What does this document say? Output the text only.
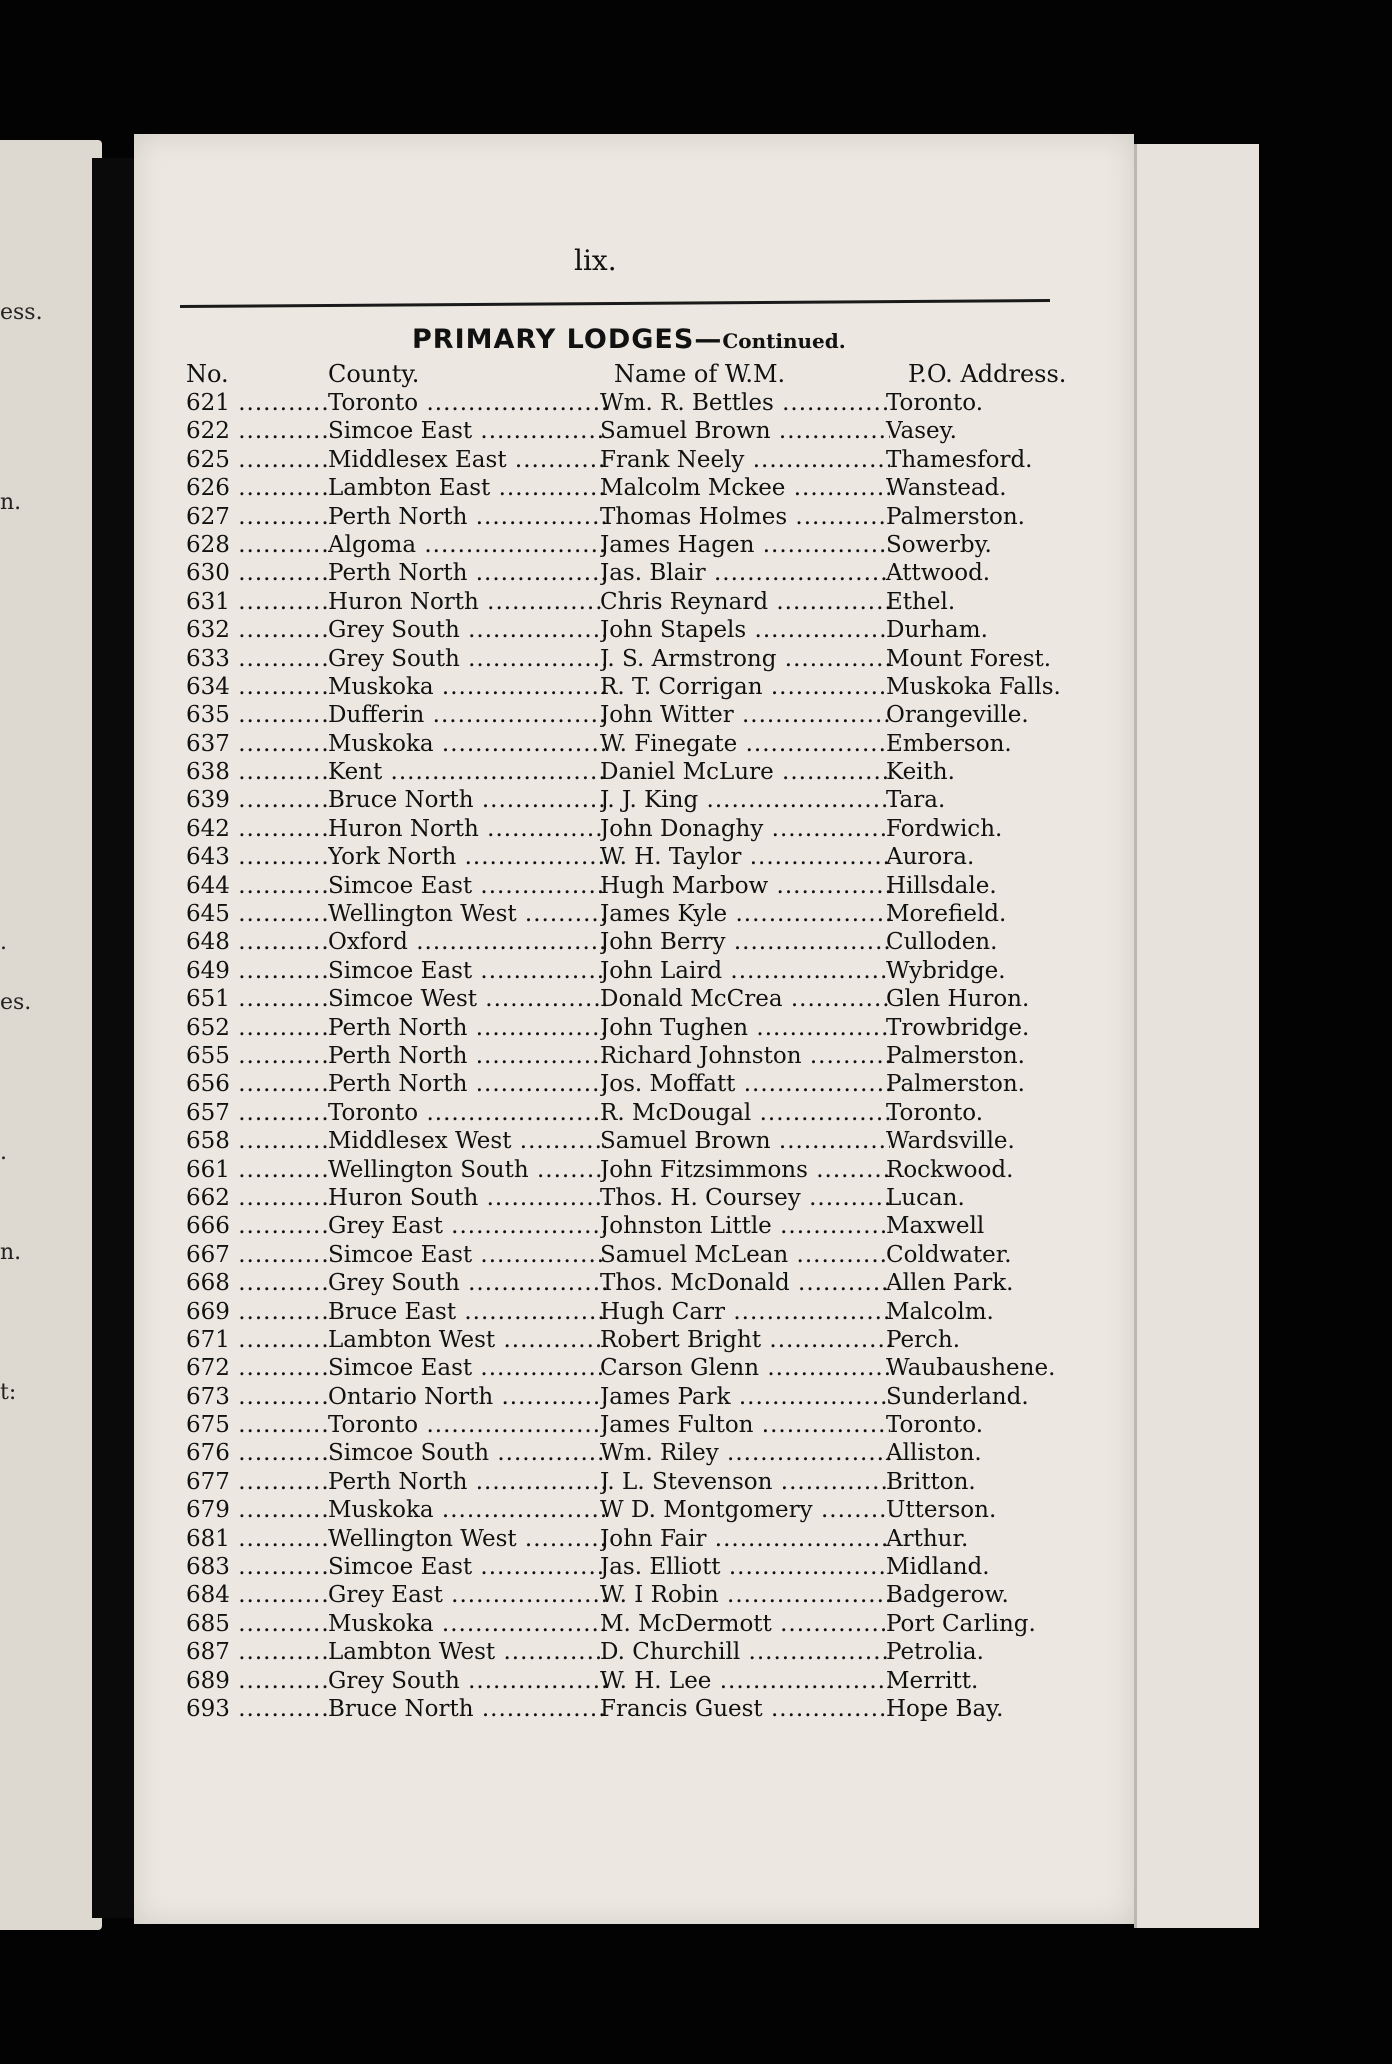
ess.
n.
.
es.
.
n.
t:
lix.
PRIMARY LODGES—Continued.
No.	County.	Name of W.M.	P.O. Address.
621 .....	Toronto .....	Wm. R. Bettles .....	Toronto.
622 .....	Simcoe East .....	Samuel Brown .....	Vasey.
625 .....	Middlesex East .....	Frank Neely .....	Thamesford.
626 .....	Lambton East .....	Malcolm Mckee .....	Wanstead.
627 .....	Perth North .....	Thomas Holmes .....	Palmerston.
628 .....	Algoma .....	James Hagen .....	Sowerby.
630 .....	Perth North .....	Jas. Blair .....	Attwood.
631 .....	Huron North .....	Chris Reynard .....	Ethel.
632 .....	Grey South .....	John Stapels .....	Durham.
633 .....	Grey South .....	J. S. Armstrong .....	Mount Forest.
634 .....	Muskoka .....	R. T. Corrigan .....	Muskoka Falls.
635 .....	Dufferin .....	John Witter .....	Orangeville.
637 .....	Muskoka .....	W. Finegate .....	Emberson.
638 .....	Kent .....	Daniel McLure .....	Keith.
639 .....	Bruce North .....	J. J. King .....	Tara.
642 .....	Huron North .....	John Donaghy .....	Fordwich.
643 .....	York North .....	W. H. Taylor .....	Aurora.
644 .....	Simcoe East .....	Hugh Marbow .....	Hillsdale.
645 .....	Wellington West .....	James Kyle .....	Morefield.
648 .....	Oxford .....	John Berry .....	Culloden.
649 .....	Simcoe East .....	John Laird .....	Wybridge.
651 .....	Simcoe West .....	Donald McCrea .....	Glen Huron.
652 .....	Perth North .....	John Tughen .....	Trowbridge.
655 .....	Perth North .....	Richard Johnston .....	Palmerston.
656 .....	Perth North .....	Jos. Moffatt .....	Palmerston.
657 .....	Toronto .....	R. McDougal .....	Toronto.
658 .....	Middlesex West .....	Samuel Brown .....	Wardsville.
661 .....	Wellington South .....	John Fitzsimmons .....	Rockwood.
662 .....	Huron South .....	Thos. H. Coursey .....	Lucan.
666 .....	Grey East .....	Johnston Little .....	Maxwell
667 .....	Simcoe East .....	Samuel McLean .....	Coldwater.
668 .....	Grey South .....	Thos. McDonald .....	Allen Park.
669 .....	Bruce East .....	Hugh Carr .....	Malcolm.
671 .....	Lambton West .....	Robert Bright .....	Perch.
672 .....	Simcoe East .....	Carson Glenn .....	Waubaushene.
673 .....	Ontario North .....	James Park .....	Sunderland.
675 .....	Toronto .....	James Fulton .....	Toronto.
676 .....	Simcoe South .....	Wm. Riley .....	Alliston.
677 .....	Perth North .....	J. L. Stevenson .....	Britton.
679 .....	Muskoka .....	W D. Montgomery .....	Utterson.
681 .....	Wellington West .....	John Fair .....	Arthur.
683 .....	Simcoe East .....	Jas. Elliott .....	Midland.
684 .....	Grey East .....	W. I Robin .....	Badgerow.
685 .....	Muskoka .....	M. McDermott .....	Port Carling.
687 .....	Lambton West .....	D. Churchill .....	Petrolia.
689 .....	Grey South .....	W. H. Lee .....	Merritt.
693 .....	Bruce North .....	Francis Guest .....	Hope Bay.
